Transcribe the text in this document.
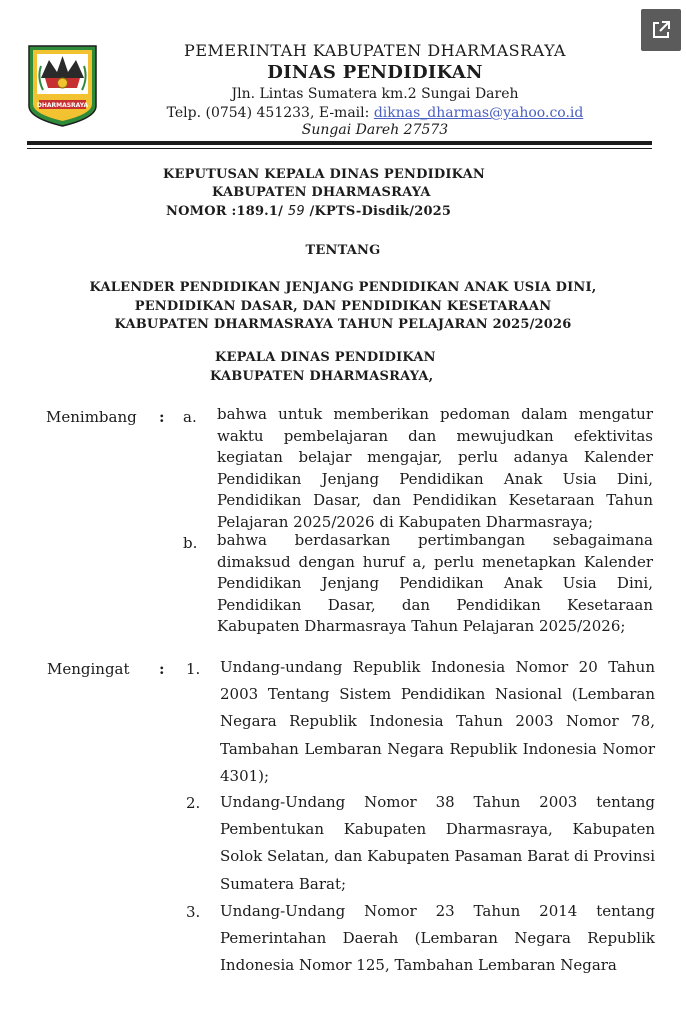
DHARMASRAYA
PEMERINTAH KABUPATEN DHARMASRAYA
DINAS PENDIDIKAN
Jln. Lintas Sumatera km.2 Sungai Dareh
Telp. (0754) 451233, E-mail: diknas_dharmas@yahoo.co.id
Sungai Dareh 27573
KEPUTUSAN KEPALA DINAS PENDIDIKAN
KABUPATEN DHARMASRAYA
NOMOR :189.1/ 59 /KPTS-Disdik/2025
TENTANG
KALENDER PENDIDIKAN JENJANG PENDIDIKAN ANAK USIA DINI,
PENDIDIKAN DASAR, DAN PENDIDIKAN KESETARAAN
KABUPATEN DHARMASRAYA TAHUN PELAJARAN 2025/2026
KEPALA DINAS PENDIDIKAN
KABUPATEN DHARMASRAYA,
Menimbang : a. bahwa untuk memberikan pedoman dalam mengatur waktu pembelajaran dan mewujudkan efektivitas kegiatan belajar mengajar, perlu adanya Kalender Pendidikan Jenjang Pendidikan Anak Usia Dini, Pendidikan Dasar, dan Pendidikan Kesetaraan Tahun Pelajaran 2025/2026 di Kabupaten Dharmasraya;
b. bahwa berdasarkan pertimbangan sebagaimana dimaksud dengan huruf a, perlu menetapkan Kalender Pendidikan Jenjang Pendidikan Anak Usia Dini, Pendidikan Dasar, dan Pendidikan Kesetaraan Kabupaten Dharmasraya Tahun Pelajaran 2025/2026;
Mengingat : 1. Undang-undang Republik Indonesia Nomor 20 Tahun 2003 Tentang Sistem Pendidikan Nasional (Lembaran Negara Republik Indonesia Tahun 2003 Nomor 78, Tambahan Lembaran Negara Republik Indonesia Nomor 4301);
2. Undang-Undang Nomor 38 Tahun 2003 tentang Pembentukan Kabupaten Dharmasraya, Kabupaten Solok Selatan, dan Kabupaten Pasaman Barat di Provinsi Sumatera Barat;
3. Undang-Undang Nomor 23 Tahun 2014 tentang Pemerintahan Daerah (Lembaran Negara Republik Indonesia Nomor 125, Tambahan Lembaran Negara
